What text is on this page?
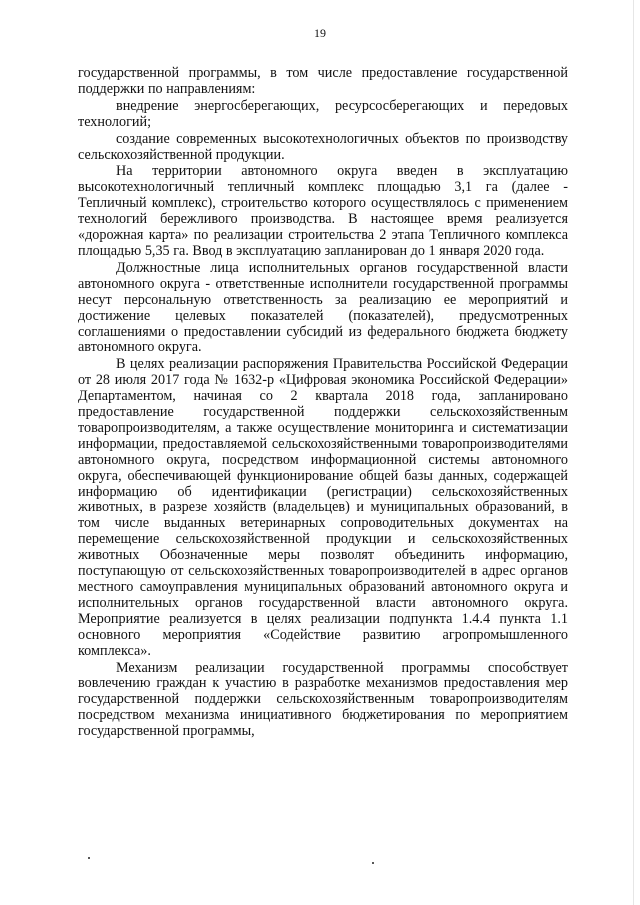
19

государственной программы, в том числе предоставление государственной поддержки по направлениям:

внедрение энергосберегающих, ресурсосберегающих и передовых технологий;

создание современных высокотехнологичных объектов по производству сельскохозяйственной продукции.

На территории автономного округа введен в эксплуатацию высокотехнологичный тепличный комплекс площадью 3,1 га (далее - Тепличный комплекс), строительство которого осуществлялось с применением технологий бережливого производства. В настоящее время реализуется «дорожная карта» по реализации строительства 2 этапа Тепличного комплекса площадью 5,35 га. Ввод в эксплуатацию запланирован до 1 января 2020 года.

Должностные лица исполнительных органов государственной власти автономного округа - ответственные исполнители государственной программы несут персональную ответственность за реализацию ее мероприятий и достижение целевых показателей (показателей), предусмотренных соглашениями о предоставлении субсидий из федерального бюджета бюджету автономного округа.

В целях реализации распоряжения Правительства Российской Федерации от 28 июля 2017 года № 1632-р «Цифровая экономика Российской Федерации» Департаментом, начиная со 2 квартала 2018 года, запланировано предоставление государственной поддержки сельскохозяйственным товаропроизводителям, а также осуществление мониторинга и систематизации информации, предоставляемой сельскохозяйственными товаропроизводителями автономного округа, посредством информационной системы автономного округа, обеспечивающей функционирование общей базы данных, содержащей информацию об идентификации (регистрации) сельскохозяйственных животных, в разрезе хозяйств (владельцев) и муниципальных образований, в том числе выданных ветеринарных сопроводительных документах на перемещение сельскохозяйственной продукции и сельскохозяйственных животных Обозначенные меры позволят объединить информацию, поступающую от сельскохозяйственных товаропроизводителей в адрес органов местного самоуправления муниципальных образований автономного округа и исполнительных органов государственной власти автономного округа. Мероприятие реализуется в целях реализации подпункта 1.4.4 пункта 1.1 основного мероприятия «Содействие развитию агропромышленного комплекса».

Механизм реализации государственной программы способствует вовлечению граждан к участию в разработке механизмов предоставления мер государственной поддержки сельскохозяйственным товаропроизводителям посредством механизма инициативного бюджетирования по мероприятием государственной программы,
